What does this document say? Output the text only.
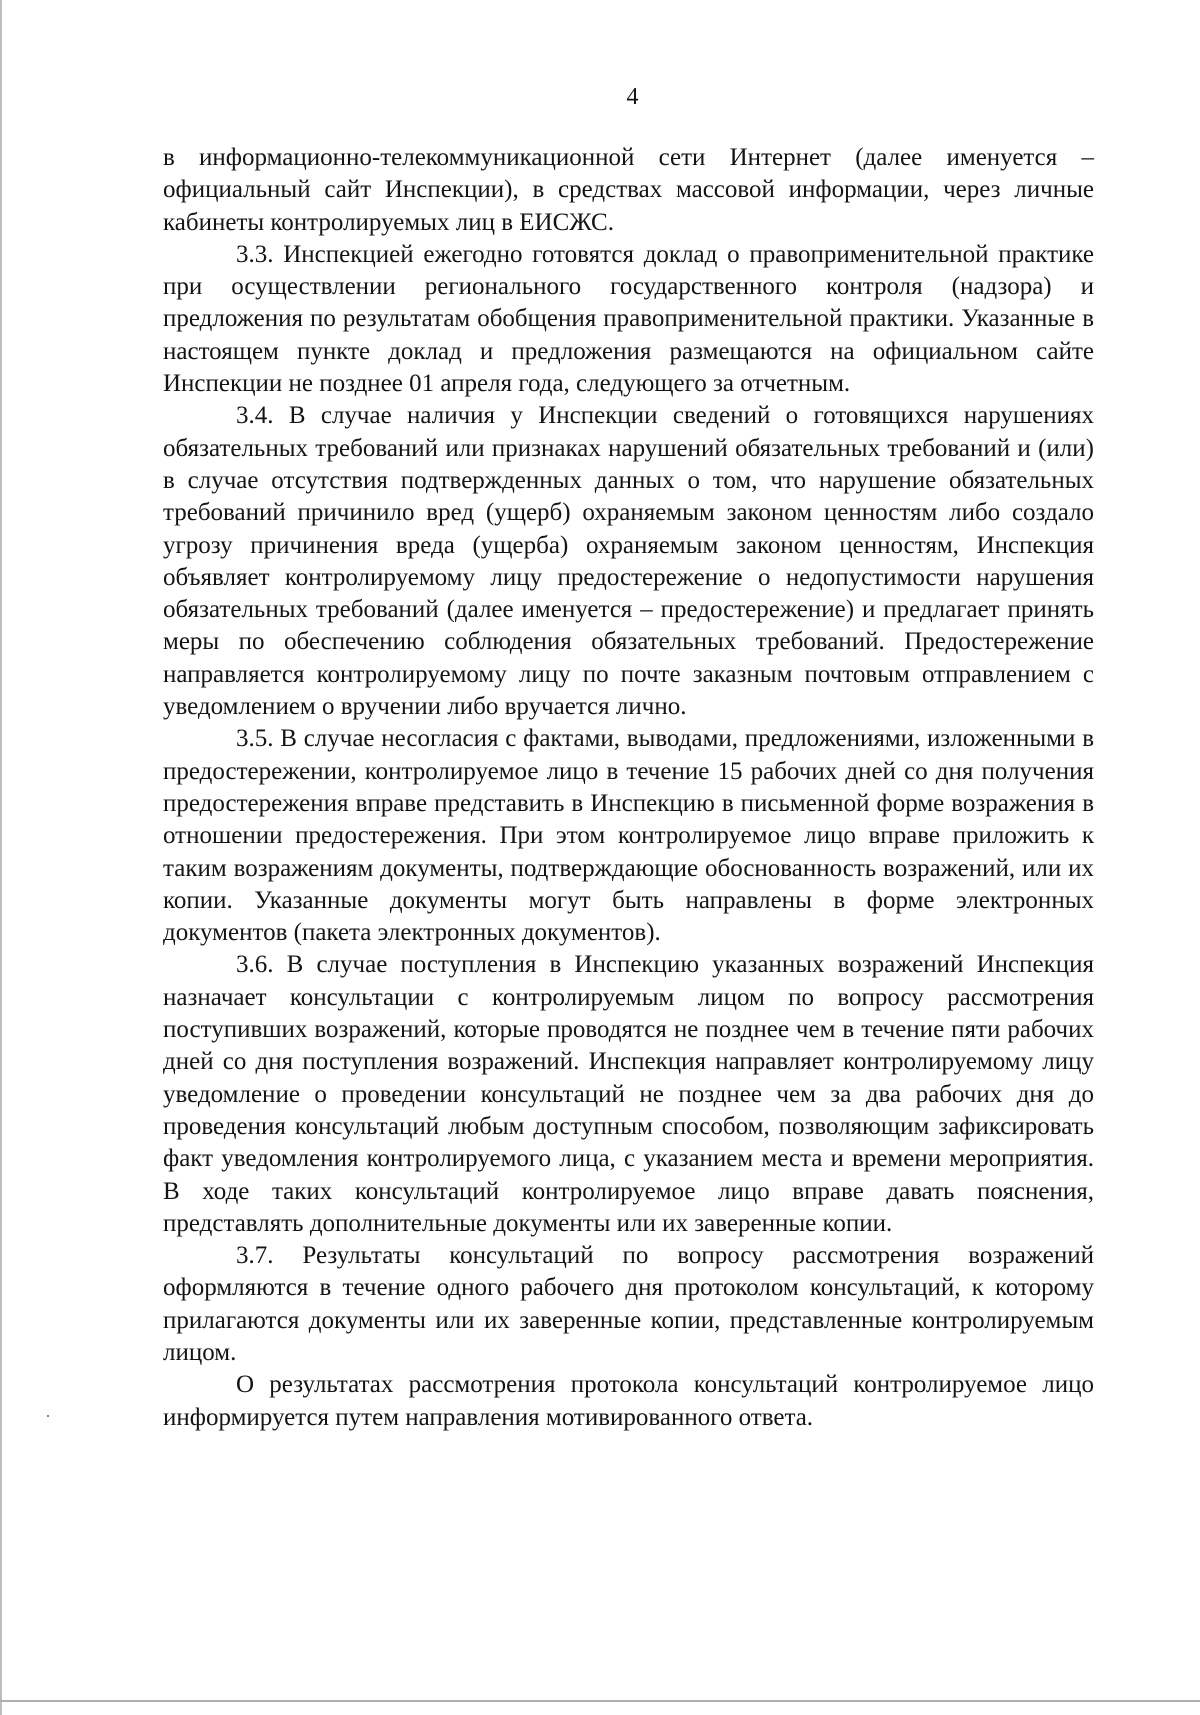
4

в информационно-телекоммуникационной сети Интернет (далее именуется – официальный сайт Инспекции), в средствах массовой информации, через личные кабинеты контролируемых лиц в ЕИСЖС.

3.3. Инспекцией ежегодно готовятся доклад о правоприменительной практике при осуществлении регионального государственного контроля (надзора) и предложения по результатам обобщения правоприменительной практики. Указанные в настоящем пункте доклад и предложения размещаются на официальном сайте Инспекции не позднее 01 апреля года, следующего за отчетным.

3.4. В случае наличия у Инспекции сведений о готовящихся нарушениях обязательных требований или признаках нарушений обязательных требований и (или) в случае отсутствия подтвержденных данных о том, что нарушение обязательных требований причинило вред (ущерб) охраняемым законом ценностям либо создало угрозу причинения вреда (ущерба) охраняемым законом ценностям, Инспекция объявляет контролируемому лицу предостережение о недопустимости нарушения обязательных требований (далее именуется – предостережение) и предлагает принять меры по обеспечению соблюдения обязательных требований. Предостережение направляется контролируемому лицу по почте заказным почтовым отправлением с уведомлением о вручении либо вручается лично.

3.5. В случае несогласия с фактами, выводами, предложениями, изложенными в предостережении, контролируемое лицо в течение 15 рабочих дней со дня получения предостережения вправе представить в Инспекцию в письменной форме возражения в отношении предостережения. При этом контролируемое лицо вправе приложить к таким возражениям документы, подтверждающие обоснованность возражений, или их копии. Указанные документы могут быть направлены в форме электронных документов (пакета электронных документов).

3.6. В случае поступления в Инспекцию указанных возражений Инспекция назначает консультации с контролируемым лицом по вопросу рассмотрения поступивших возражений, которые проводятся не позднее чем в течение пяти рабочих дней со дня поступления возражений. Инспекция направляет контролируемому лицу уведомление о проведении консультаций не позднее чем за два рабочих дня до проведения консультаций любым доступным способом, позволяющим зафиксировать факт уведомления контролируемого лица, с указанием места и времени мероприятия. В ходе таких консультаций контролируемое лицо вправе давать пояснения, представлять дополнительные документы или их заверенные копии.

3.7. Результаты консультаций по вопросу рассмотрения возражений оформляются в течение одного рабочего дня протоколом консультаций, к которому прилагаются документы или их заверенные копии, представленные контролируемым лицом.

О результатах рассмотрения протокола консультаций контролируемое лицо информируется путем направления мотивированного ответа.
